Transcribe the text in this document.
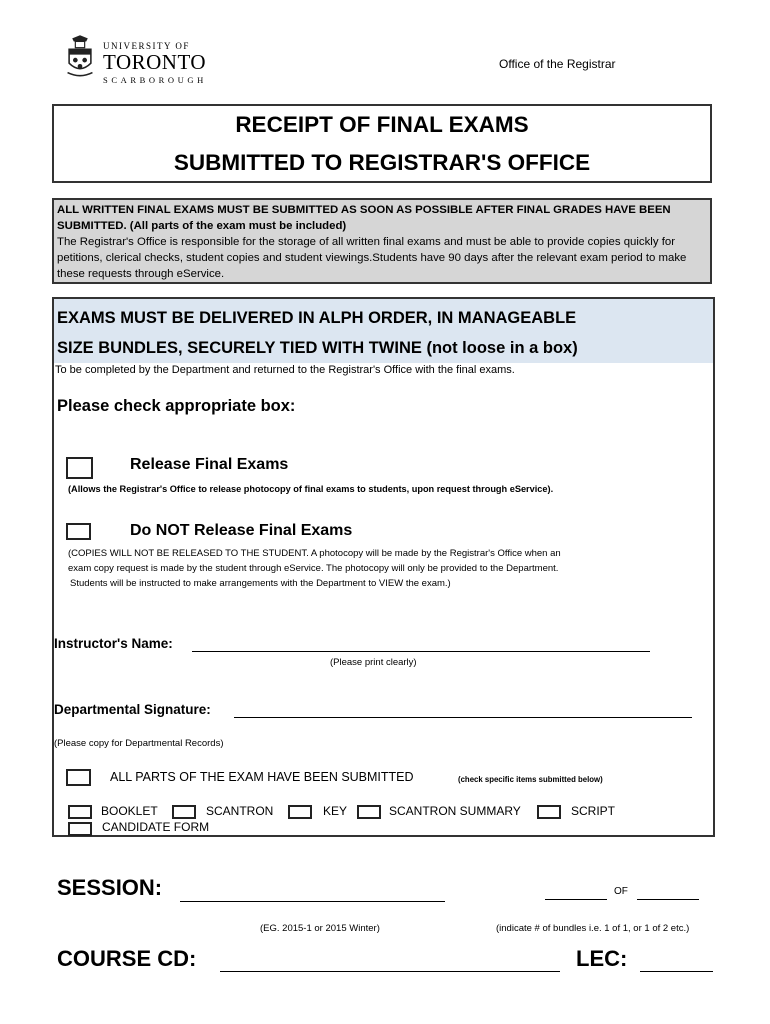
UNIVERSITY OF
TORONTO
SCARBOROUGH
Office of the Registrar
RECEIPT OF FINAL EXAMS
SUBMITTED TO REGISTRAR'S OFFICE
ALL WRITTEN FINAL EXAMS MUST BE SUBMITTED AS SOON AS POSSIBLE AFTER FINAL GRADES HAVE BEEN SUBMITTED. (All parts of the exam must be included)
The Registrar's Office is responsible for the storage of all written final exams and must be able to provide copies quickly for petitions, clerical checks, student copies and student viewings.Students have 90 days after the relevant exam period to make these requests through eService.
EXAMS MUST BE DELIVERED IN ALPH ORDER, IN MANAGEABLE
SIZE BUNDLES, SECURELY TIED WITH TWINE (not loose in a box)
To be completed by the Department and returned to the Registrar's Office with the final exams.
Please check appropriate box:
Release Final Exams
(Allows the Registrar's Office to release photocopy of final exams to students, upon request through eService).
Do NOT Release Final Exams
(COPIES WILL NOT BE RELEASED TO THE STUDENT. A photocopy will be made by the Registrar's Office when an
exam copy request is made by the student through eService. The photocopy will only be provided to the Department.
Students will be instructed to make arrangements with the Department to VIEW the exam.)
Instructor's Name:
(Please print clearly)
Departmental Signature:
(Please copy for Departmental Records)
ALL PARTS OF THE EXAM HAVE BEEN SUBMITTED	(check specific items submitted below)
BOOKLET	SCANTRON	KEY	SCANTRON SUMMARY	SCRIPT
CANDIDATE FORM
SESSION:	OF
(EG. 2015-1 or 2015 Winter)	(indicate # of bundles i.e. 1 of 1, or 1 of 2 etc.)
COURSE CD:	LEC:
